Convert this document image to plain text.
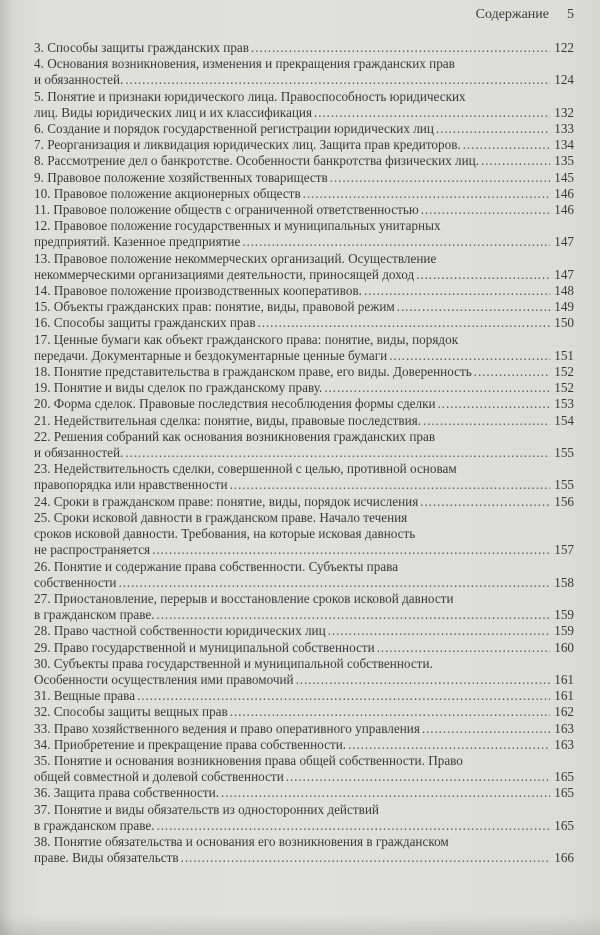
Содержание 5
3. Способы защиты гражданских прав . . .	122
4. Основания возникновения, изменения и прекращения гражданских прав
и обязанностей. . . .	124
5. Понятие и признаки юридического лица. Правоспособность юридических
лиц. Виды юридических лиц и их классификация . . .	132
6. Создание и порядок государственной регистрации юридических лиц . . .	133
7. Реорганизация и ликвидация юридических лиц. Защита прав кредиторов. . . .	134
8. Рассмотрение дел о банкротстве. Особенности банкротства физических лиц. . . .	135
9. Правовое положение хозяйственных товариществ . . .	145
10. Правовое положение акционерных обществ . . .	146
11. Правовое положение обществ с ограниченной ответственностью . . .	146
12. Правовое положение государственных и муниципальных унитарных
предприятий. Казенное предприятие . . .	147
13. Правовое положение некоммерческих организаций. Осуществление
некоммерческими организациями деятельности, приносящей доход . . .	147
14. Правовое положение производственных кооперативов. . . .	148
15. Объекты гражданских прав: понятие, виды, правовой режим . . .	149
16. Способы защиты гражданских прав . . .	150
17. Ценные бумаги как объект гражданского права: понятие, виды, порядок
передачи. Документарные и бездокументарные ценные бумаги . . .	151
18. Понятие представительства в гражданском праве, его виды. Доверенность . . .	152
19. Понятие и виды сделок по гражданскому праву. . . .	152
20. Форма сделок. Правовые последствия несоблюдения формы сделки . . .	153
21. Недействительная сделка: понятие, виды, правовые последствия. . . .	154
22. Решения собраний как основания возникновения гражданских прав
и обязанностей. . . .	155
23. Недействительность сделки, совершенной с целью, противной основам
правопорядка или нравственности . . .	155
24. Сроки в гражданском праве: понятие, виды, порядок исчисления . . .	156
25. Сроки исковой давности в гражданском праве. Начало течения
сроков исковой давности. Требования, на которые исковая давность
не распространяется . . .	157
26. Понятие и содержание права собственности. Субъекты права
собственности . . .	158
27. Приостановление, перерыв и восстановление сроков исковой давности
в гражданском праве. . . .	159
28. Право частной собственности юридических лиц . . .	159
29. Право государственной и муниципальной собственности . . .	160
30. Субъекты права государственной и муниципальной собственности.
Особенности осуществления ими правомочий . . .	161
31. Вещные права . . .	161
32. Способы защиты вещных прав . . .	162
33. Право хозяйственного ведения и право оперативного управления . . .	163
34. Приобретение и прекращение права собственности. . . .	163
35. Понятие и основания возникновения права общей собственности. Право
общей совместной и долевой собственности . . .	165
36. Защита права собственности. . . .	165
37. Понятие и виды обязательств из односторонних действий
в гражданском праве. . . .	165
38. Понятие обязательства и основания его возникновения в гражданском
праве. Виды обязательств . . .	166
